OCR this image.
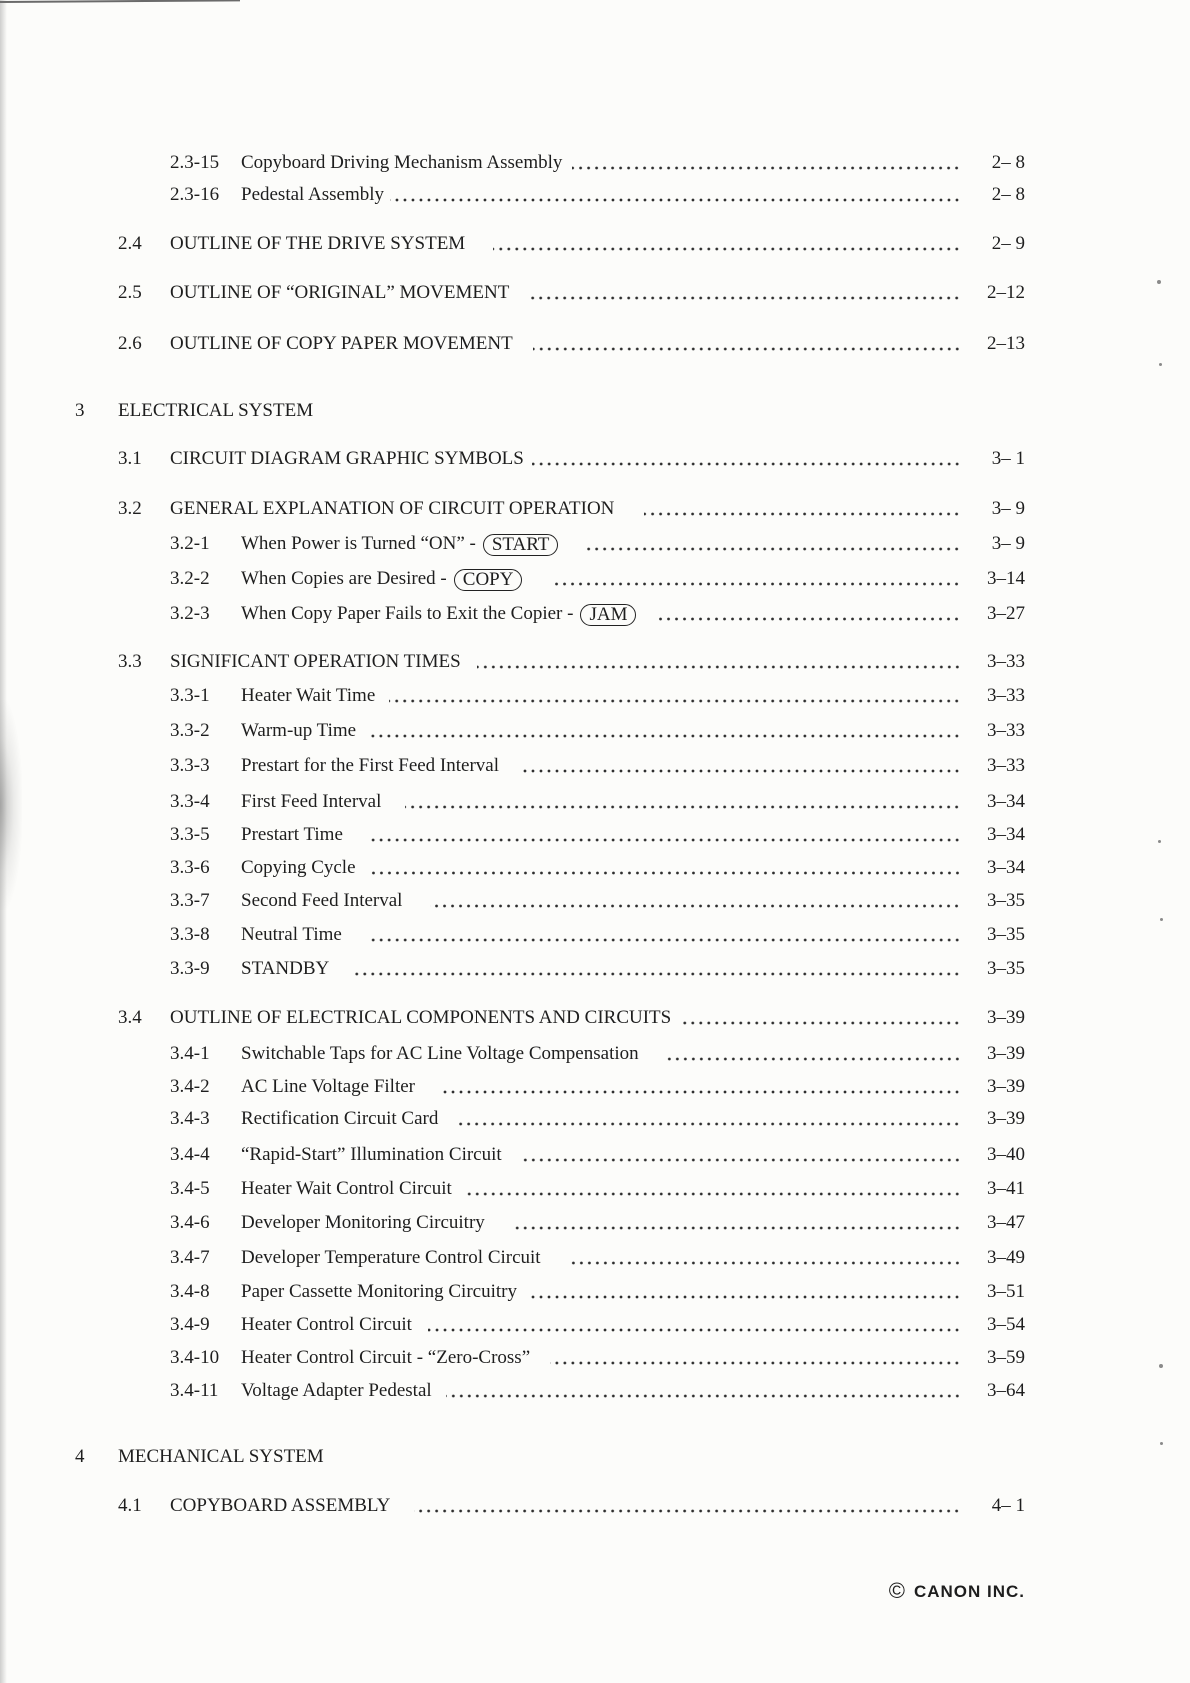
2.3-15	Copyboard Driving Mechanism Assembly	2– 8
2.3-16	Pedestal Assembly	2– 8
2.4	OUTLINE OF THE DRIVE SYSTEM	2– 9
2.5	OUTLINE OF “ORIGINAL” MOVEMENT	2–12
2.6	OUTLINE OF COPY PAPER MOVEMENT	2–13
3	ELECTRICAL SYSTEM
3.1	CIRCUIT DIAGRAM GRAPHIC SYMBOLS	3– 1
3.2	GENERAL EXPLANATION OF CIRCUIT OPERATION	3– 9
3.2-1	When Power is Turned “ON” - START	3– 9
3.2-2	When Copies are Desired - COPY	3–14
3.2-3	When Copy Paper Fails to Exit the Copier - JAM	3–27
3.3	SIGNIFICANT OPERATION TIMES	3–33
3.3-1	Heater Wait Time	3–33
3.3-2	Warm-up Time	3–33
3.3-3	Prestart for the First Feed Interval	3–33
3.3-4	First Feed Interval	3–34
3.3-5	Prestart Time	3–34
3.3-6	Copying Cycle	3–34
3.3-7	Second Feed Interval	3–35
3.3-8	Neutral Time	3–35
3.3-9	STANDBY	3–35
3.4	OUTLINE OF ELECTRICAL COMPONENTS AND CIRCUITS	3–39
3.4-1	Switchable Taps for AC Line Voltage Compensation	3–39
3.4-2	AC Line Voltage Filter	3–39
3.4-3	Rectification Circuit Card	3–39
3.4-4	“Rapid-Start” Illumination Circuit	3–40
3.4-5	Heater Wait Control Circuit	3–41
3.4-6	Developer Monitoring Circuitry	3–47
3.4-7	Developer Temperature Control Circuit	3–49
3.4-8	Paper Cassette Monitoring Circuitry	3–51
3.4-9	Heater Control Circuit	3–54
3.4-10	Heater Control Circuit - “Zero-Cross”	3–59
3.4-11	Voltage Adapter Pedestal	3–64
4	MECHANICAL SYSTEM
4.1	COPYBOARD ASSEMBLY	4– 1
© CANON INC.
